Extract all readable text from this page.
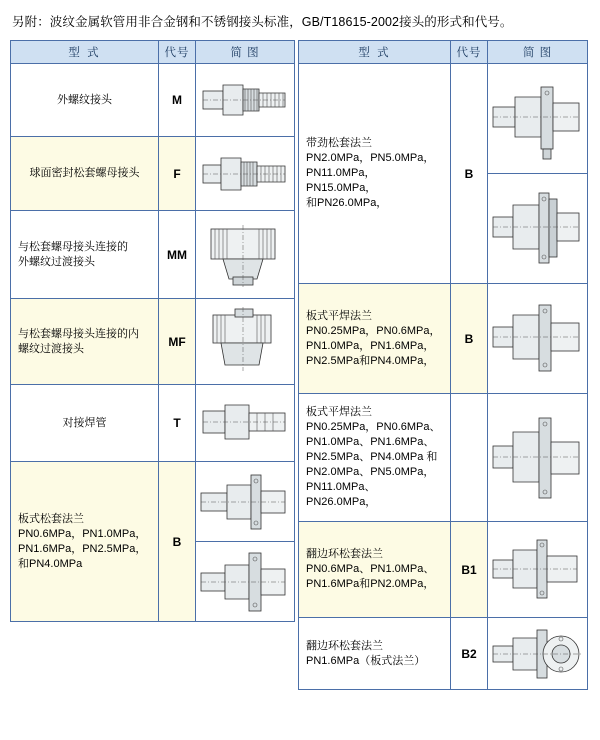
另附：波纹金属软管用非合金钢和不锈钢接头标准，GB/T18615-2002接头的形式和代号。
型 式	代号	简 图
外螺纹接头	M	

球面密封松套螺母接头	F	

与松套螺母接头连接的
外螺纹过渡接头	MM	

与松套螺母接头连接的内
螺纹过渡接头	MF	

对接焊管	T	

板式松套法兰
PN0.6MPa，PN1.0MPa，
PN1.6MPa，PN2.5MPa，
和PN4.0MPa	B	
型 式	代号	简 图

带劲松套法兰
PN2.0MPa，PN5.0MPa，
PN11.0MPa，PN15.0MPa，
和PN26.0MPa，	B	

板式平焊法兰
PN0.25MPa，PN0.6MPa，
PN1.0MPa，PN1.6MPa，
PN2.5MPa和PN4.0MPa，	B	

板式平焊法兰
PN0.25MPa，PN0.6MPa、
PN1.0MPa、PN1.6MPa、
PN2.5MPa、PN4.0MPa 和
PN2.0MPa、PN5.0MPa，
PN11.0MPa、PN26.0MPa，

翻边环松套法兰
PN0.6MPa、PN1.0MPa、
PN1.6MPa和PN2.0MPa，	B1	

翻边环松套法兰
PN1.6MPa（板式法兰）	B2	
